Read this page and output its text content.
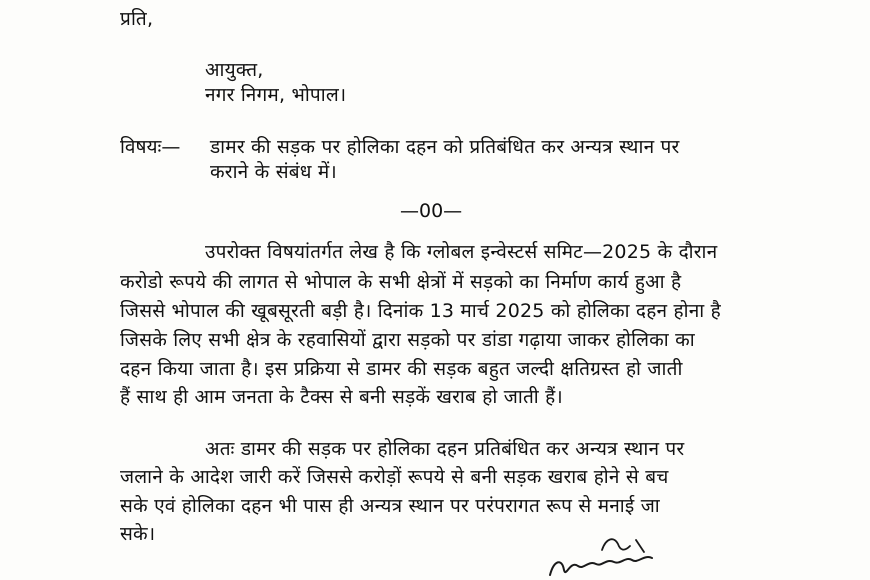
प्रति,
आयुक्त,
नगर निगम, भोपाल।
विषयः— डामर की सड़क पर होलिका दहन को प्रतिबंधित कर अन्यत्र स्थान पर
कराने के संबंध में।
—00—
उपरोक्त विषयांतर्गत लेख है कि ग्लोबल इन्वेस्टर्स समिट—2025 के दौरान
करोडो रूपये की लागत से भोपाल के सभी क्षेत्रों में सड़को का निर्माण कार्य हुआ है
जिससे भोपाल की खूबसूरती बड़ी है। दिनांक 13 मार्च 2025 को होलिका दहन होना है
जिसके लिए सभी क्षेत्र के रहवासियों द्वारा सड़को पर डांडा गढ़ाया जाकर होलिका का
दहन किया जाता है। इस प्रक्रिया से डामर की सड़क बहुत जल्दी क्षतिग्रस्त हो जाती
हैं साथ ही आम जनता के टैक्स से बनी सड़कें खराब हो जाती हैं।
अतः डामर की सड़क पर होलिका दहन प्रतिबंधित कर अन्यत्र स्थान पर
जलाने के आदेश जारी करें जिससे करोड़ों रूपये से बनी सड़क खराब होने से बच
सके एवं होलिका दहन भी पास ही अन्यत्र स्थान पर परंपरागत रूप से मनाई जा
सके।
